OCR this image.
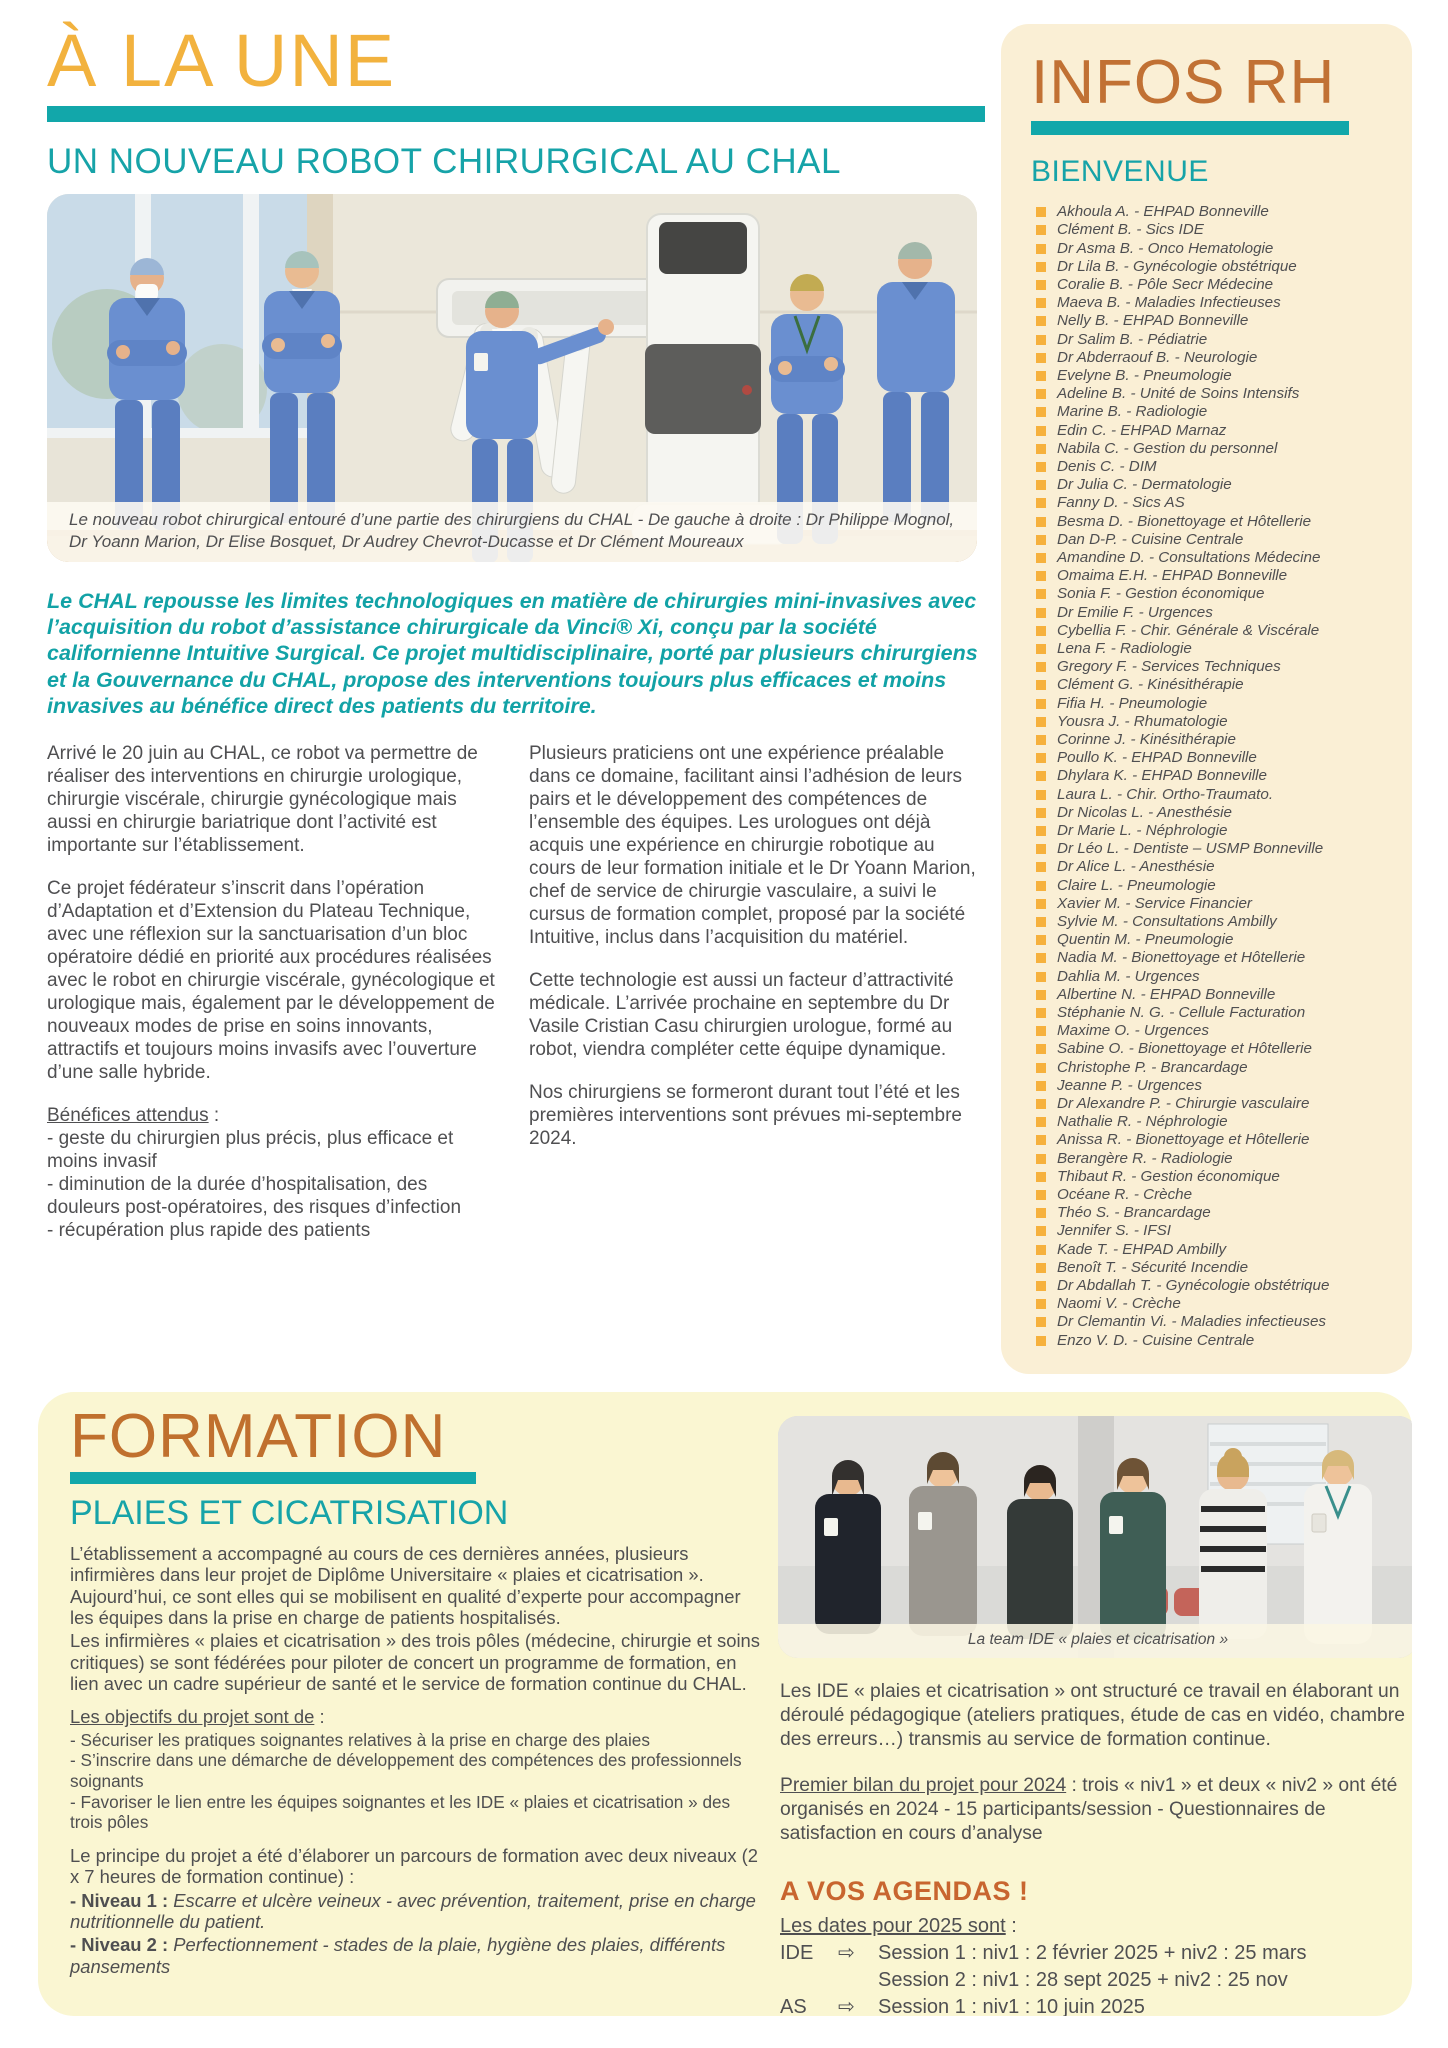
À LA UNE
UN NOUVEAU ROBOT CHIRURGICAL AU CHAL
Le nouveau robot chirurgical entouré d’une partie des chirurgiens du CHAL - De gauche à droite : Dr Philippe Mognol, Dr Yoann Marion, Dr Elise Bosquet, Dr Audrey Chevrot-Ducasse et Dr Clément Moureaux
Le CHAL repousse les limites technologiques en matière de chirurgies mini-invasives avec l’acquisition du robot d’assistance chirurgicale da Vinci® Xi, conçu par la société californienne Intuitive Surgical. Ce projet multidisciplinaire, porté par plusieurs chirurgiens et la Gouvernance du CHAL, propose des interventions toujours plus efficaces et moins invasives au bénéfice direct des patients du territoire.

Arrivé le 20 juin au CHAL, ce robot va permettre de réaliser des interventions en chirurgie urologique, chirurgie viscérale, chirurgie gynécologique mais aussi en chirurgie bariatrique dont l’activité est importante sur l’établissement.

Ce projet fédérateur s’inscrit dans l’opération d’Adaptation et d’Extension du Plateau Technique, avec une réflexion sur la sanctuarisation d’un bloc opératoire dédié en priorité aux procédures réalisées avec le robot en chirurgie viscérale, gynécologique et urologique mais, également par le développement de nouveaux modes de prise en soins innovants, attractifs et toujours moins invasifs avec l’ouverture d’une salle hybride.

Bénéfices attendus :
- geste du chirurgien plus précis, plus efficace et moins invasif
- diminution de la durée d’hospitalisation, des douleurs post-opératoires, des risques d’infection
- récupération plus rapide des patients

Plusieurs praticiens ont une expérience préalable dans ce domaine, facilitant ainsi l’adhésion de leurs pairs et le développement des compétences de l’ensemble des équipes. Les urologues ont déjà acquis une expérience en chirurgie robotique au cours de leur formation initiale et le Dr Yoann Marion, chef de service de chirurgie vasculaire, a suivi le cursus de formation complet, proposé par la société Intuitive, inclus dans l’acquisition du matériel.

Cette technologie est aussi un facteur d’attractivité médicale. L’arrivée prochaine en septembre du Dr Vasile Cristian Casu chirurgien urologue, formé au robot, viendra compléter cette équipe dynamique.

Nos chirurgiens se formeront durant tout l’été et les premières interventions sont prévues mi-septembre 2024.

INFOS RH
BIENVENUE
Akhoula A. - EHPAD Bonneville
Clément B. - Sics IDE
Dr Asma B. - Onco Hematologie
Dr Lila B. - Gynécologie obstétrique
Coralie B. - Pôle Secr Médecine
Maeva B. - Maladies Infectieuses
Nelly B. - EHPAD Bonneville
Dr Salim B. - Pédiatrie
Dr Abderraouf B. - Neurologie
Evelyne B. - Pneumologie
Adeline B. - Unité de Soins Intensifs
Marine B. - Radiologie
Edin C. - EHPAD Marnaz
Nabila C. - Gestion du personnel
Denis C. - DIM
Dr Julia C. - Dermatologie
Fanny D. - Sics AS
Besma D. - Bionettoyage et Hôtellerie
Dan D-P. - Cuisine Centrale
Amandine D. - Consultations Médecine
Omaima E.H. - EHPAD Bonneville
Sonia F. - Gestion économique
Dr Emilie F. - Urgences
Cybellia F. - Chir. Générale & Viscérale
Lena F. - Radiologie
Gregory F. - Services Techniques
Clément G. - Kinésithérapie
Fifia H. - Pneumologie
Yousra J. - Rhumatologie
Corinne J. - Kinésithérapie
Poullo K. - EHPAD Bonneville
Dhylara K. - EHPAD Bonneville
Laura L. - Chir. Ortho-Traumato.
Dr Nicolas L. - Anesthésie
Dr Marie L. - Néphrologie
Dr Léo L. - Dentiste – USMP Bonneville
Dr Alice L. - Anesthésie
Claire L. - Pneumologie
Xavier M. - Service Financier
Sylvie M. - Consultations Ambilly
Quentin M. - Pneumologie
Nadia M. - Bionettoyage et Hôtellerie
Dahlia M. - Urgences
Albertine N. - EHPAD Bonneville
Stéphanie N. G. - Cellule Facturation
Maxime O. - Urgences
Sabine O. - Bionettoyage et Hôtellerie
Christophe P. - Brancardage
Jeanne P. - Urgences
Dr Alexandre P. - Chirurgie vasculaire
Nathalie R. - Néphrologie
Anissa R. - Bionettoyage et Hôtellerie
Berangère R. - Radiologie
Thibaut R. - Gestion économique
Océane R. - Crèche
Théo S. - Brancardage
Jennifer S. - IFSI
Kade T. - EHPAD Ambilly
Benoît T. - Sécurité Incendie
Dr Abdallah T. - Gynécologie obstétrique
Naomi V. - Crèche
Dr Clemantin Vi. - Maladies infectieuses
Enzo V. D. - Cuisine Centrale
FORMATION
PLAIES ET CICATRISATION

L’établissement a accompagné au cours de ces dernières années, plusieurs infirmières dans leur projet de Diplôme Universitaire « plaies et cicatrisation ». Aujourd’hui, ce sont elles qui se mobilisent en qualité d’experte pour accompagner les équipes dans la prise en charge de patients hospitalisés.

Les infirmières « plaies et cicatrisation » des trois pôles (médecine, chirurgie et soins critiques) se sont fédérées pour piloter de concert un programme de formation, en lien avec un cadre supérieur de santé et le service de formation continue du CHAL.

Les objectifs du projet sont de :

- Sécuriser les pratiques soignantes relatives à la prise en charge des plaies
- S’inscrire dans une démarche de développement des compétences des professionnels soignants
- Favoriser le lien entre les équipes soignantes et les IDE « plaies et cicatrisation » des trois pôles

Le principe du projet a été d’élaborer un parcours de formation avec deux niveaux (2 x 7 heures de formation continue) :

- Niveau 1 : Escarre et ulcère veineux - avec prévention, traitement, prise en charge nutritionnelle du patient.

- Niveau 2 : Perfectionnement - stades de la plaie, hygiène des plaies, différents pansements

La team IDE « plaies et cicatrisation »

Les IDE « plaies et cicatrisation » ont structuré ce travail en élaborant un déroulé pédagogique (ateliers pratiques, étude de cas en vidéo, chambre des erreurs…) transmis au service de formation continue.

Premier bilan du projet pour 2024 : trois « niv1 » et deux « niv2 » ont été organisés en 2024 - 15 participants/session - Questionnaires de satisfaction en cours d’analyse

A VOS AGENDAS !

Les dates pour 2025 sont :

IDE	⇨	Session 1 : niv1 : 2 février 2025 + niv2 : 25 mars
Session 2 : niv1 : 28 sept 2025 + niv2 : 25 nov
AS	⇨	Session 1 : niv1 : 10 juin 2025
